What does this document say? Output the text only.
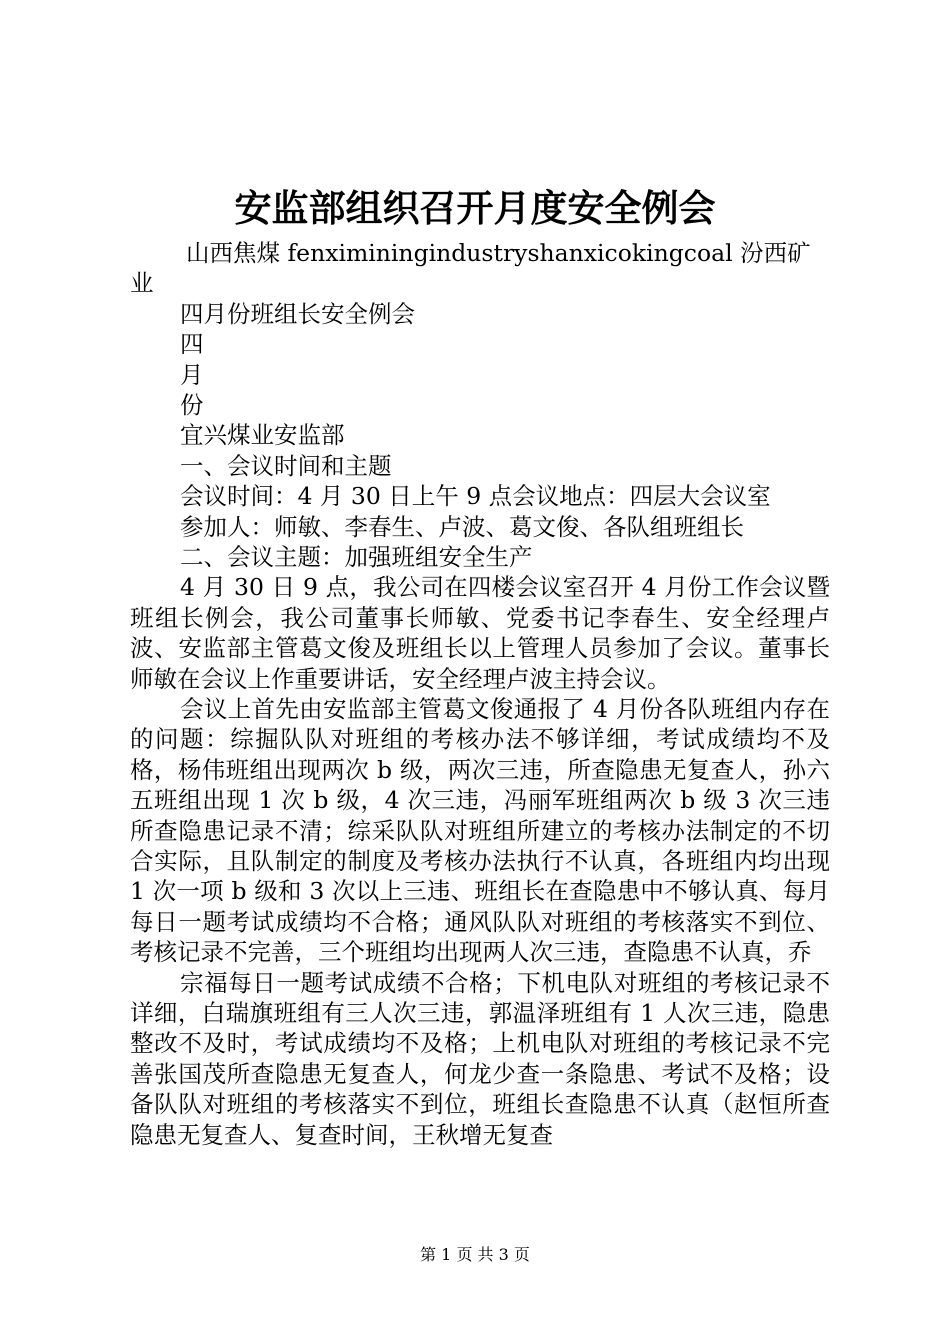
安监部组织召开月度安全例会

山西焦煤 fenximiningindustryshanxicokingcoal 汾西矿

业

四月份班组长安全例会

四

月

份

宜兴煤业安监部

一、会议时间和主题

会议时间：4 月 30 日上午 9 点会议地点：四层大会议室

参加人：师敏、李春生、卢波、葛文俊、各队组班组长

二、会议主题：加强班组安全生产

4 月 30 日 9 点，我公司在四楼会议室召开 4 月份工作会议暨班组长例会，我公司董事长师敏、党委书记李春生、安全经理卢波、安监部主管葛文俊及班组长以上管理人员参加了会议。董事长师敏在会议上作重要讲话，安全经理卢波主持会议。

会议上首先由安监部主管葛文俊通报了 4 月份各队班组内存在的问题：综掘队队对班组的考核办法不够详细，考试成绩均不及格，杨伟班组出现两次 b 级，两次三违，所查隐患无复查人，孙六五班组出现 1 次 b 级，4 次三违，冯丽军班组两次 b 级 3 次三违所查隐患记录不清；综采队队对班组所建立的考核办法制定的不切合实际，且队制定的制度及考核办法执行不认真，各班组内均出现 1 次一项 b 级和 3 次以上三违、班组长在查隐患中不够认真、每月每日一题考试成绩均不合格；通风队队对班组的考核落实不到位、考核记录不完善，三个班组均出现两人次三违，查隐患不认真，乔

宗福每日一题考试成绩不合格；下机电队对班组的考核记录不详细，白瑞旗班组有三人次三违，郭温泽班组有 1 人次三违，隐患整改不及时，考试成绩均不及格；上机电队对班组的考核记录不完善张国茂所查隐患无复查人，何龙少查一条隐患、考试不及格；设备队队对班组的考核落实不到位，班组长查隐患不认真（赵恒所查隐患无复查人、复查时间，王秋增无复查

第 1 页 共 3 页
